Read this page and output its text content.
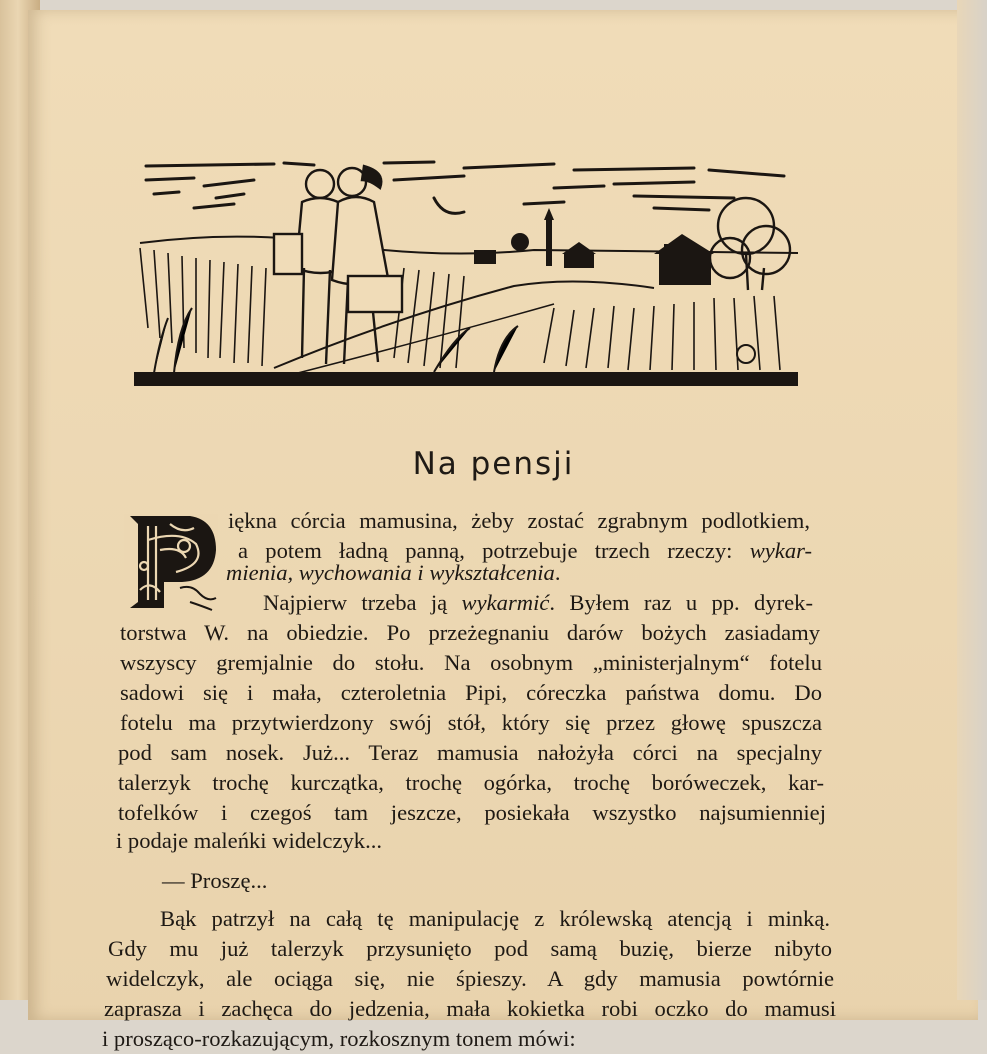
Na pensji
iękna córcia mamusina, żeby zostać zgrabnym podlotkiem,
a potem ładną panną, potrzebuje trzech rzeczy: wykar-
mienia, wychowania i wykształcenia.
Najpierw trzeba ją wykarmić. Byłem raz u pp. dyrek-
torstwa W. na obiedzie. Po przeżegnaniu darów bożych zasiadamy
wszyscy gremjalnie do stołu. Na osobnym „ministerjalnym“ fotelu
sadowi się i mała, czteroletnia Pipi, córeczka państwa domu. Do
fotelu ma przytwierdzony swój stół, który się przez głowę spuszcza
pod sam nosek. Już... Teraz mamusia nałożyła córci na specjalny
talerzyk trochę kurczątka, trochę ogórka, trochę boróweczek, kar-
tofelków i czegoś tam jeszcze, posiekała wszystko najsumienniej
i podaje maleńki widelczyk...
— Proszę...
Bąk patrzył na całą tę manipulację z królewską atencją i minką.
Gdy mu już talerzyk przysunięto pod samą buzię, bierze nibyto
widelczyk, ale ociąga się, nie śpieszy. A gdy mamusia powtórnie
zaprasza i zachęca do jedzenia, mała kokietka robi oczko do mamusi
i prosząco-rozkazującym, rozkosznym tonem mówi:
